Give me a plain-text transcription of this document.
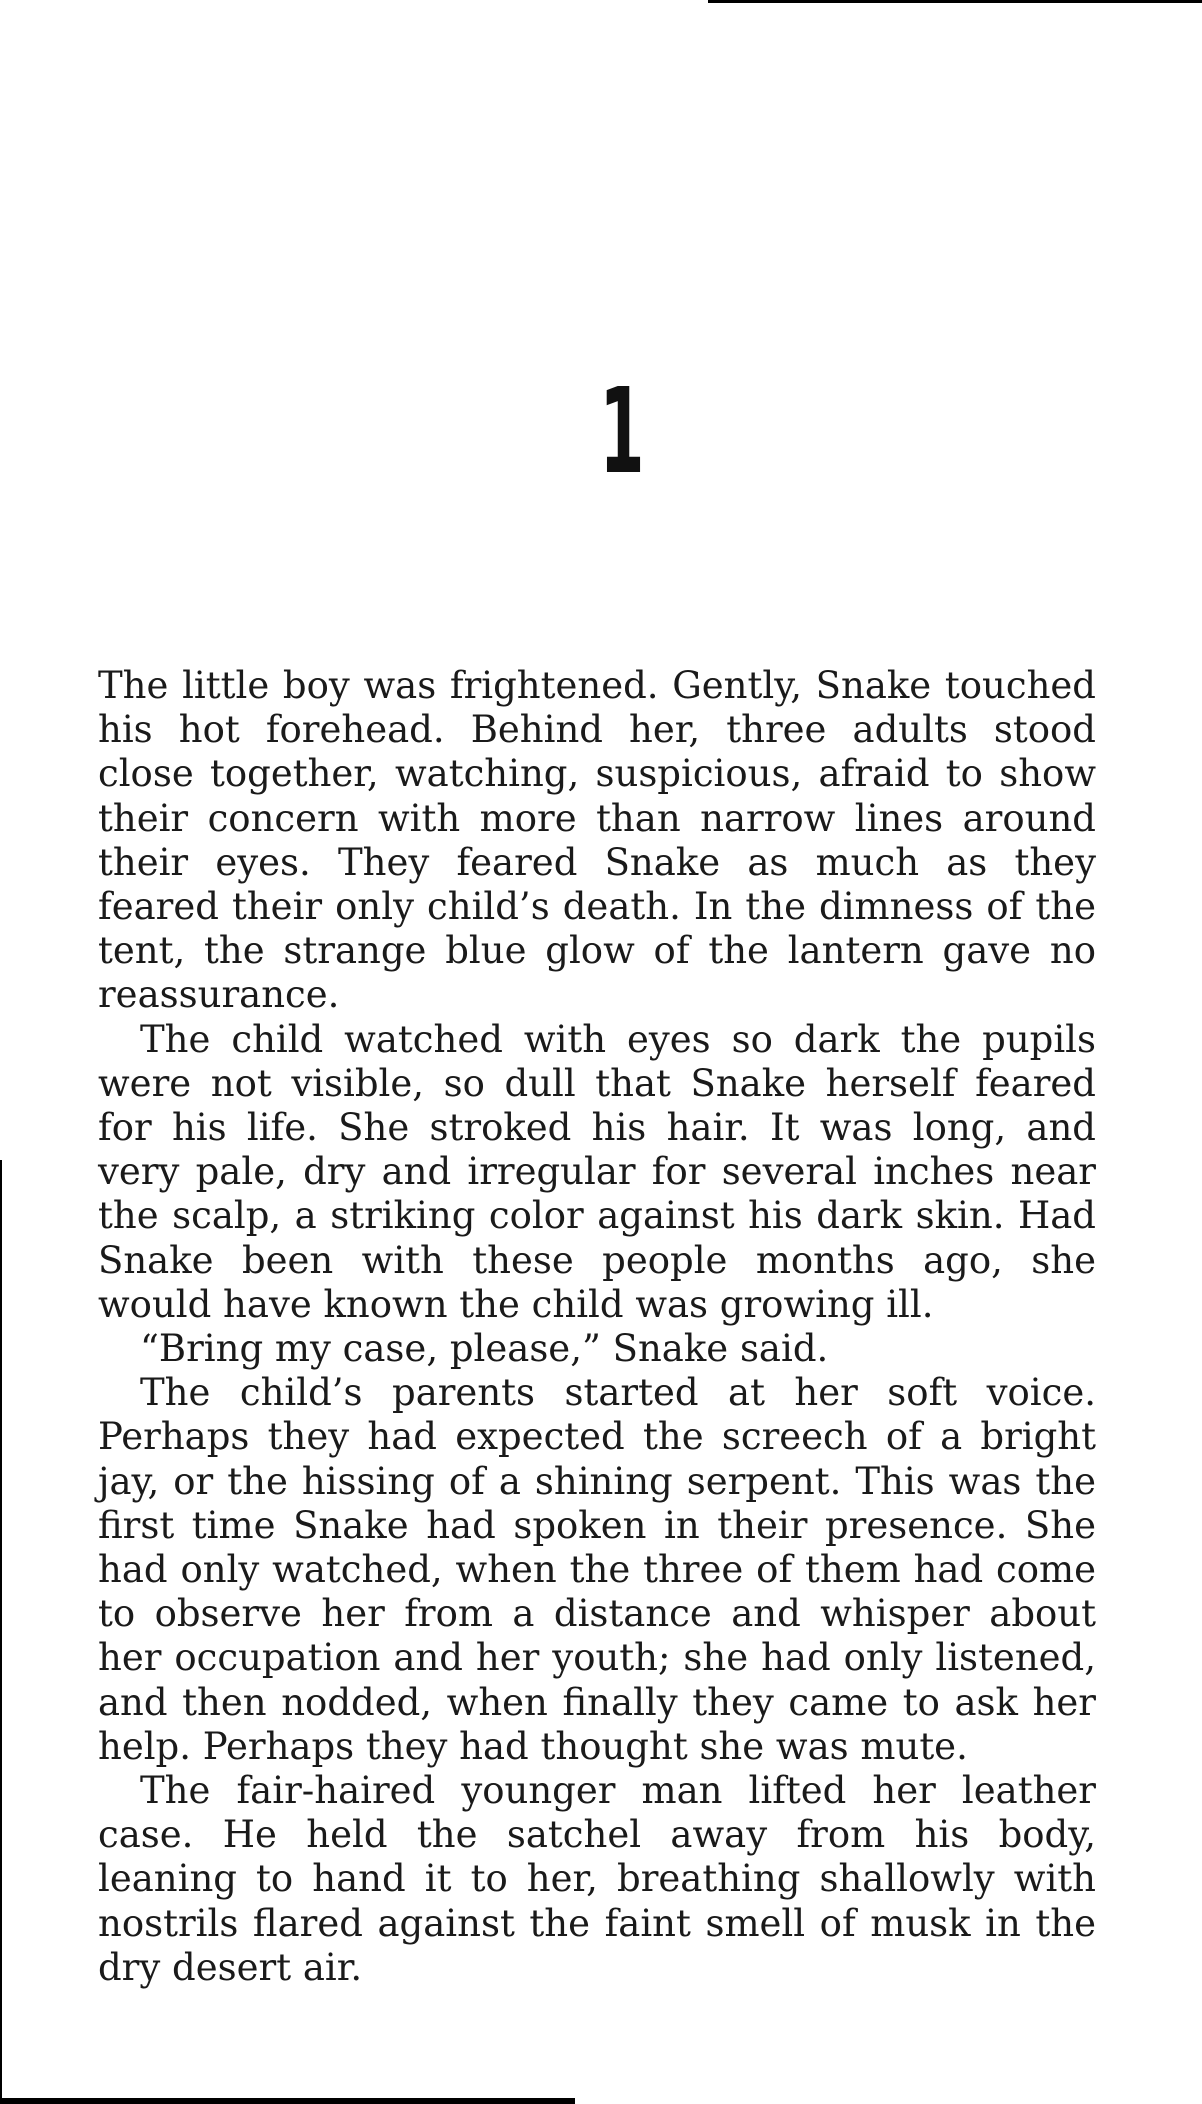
1

The little boy was frightened. Gently, Snake touched his hot forehead. Behind her, three adults stood close together, watching, suspicious, afraid to show their concern with more than narrow lines around their eyes. They feared Snake as much as they feared their only child’s death. In the dimness of the tent, the strange blue glow of the lantern gave no reassurance.

The child watched with eyes so dark the pupils were not visible, so dull that Snake herself feared for his life. She stroked his hair. It was long, and very pale, dry and irregular for several inches near the scalp, a striking color against his dark skin. Had Snake been with these people months ago, she would have known the child was growing ill.

“Bring my case, please,” Snake said.

The child’s parents started at her soft voice. Perhaps they had expected the screech of a bright jay, or the hissing of a shining serpent. This was the first time Snake had spoken in their presence. She had only watched, when the three of them had come to observe her from a distance and whisper about her occupation and her youth; she had only listened, and then nodded, when finally they came to ask her help. Perhaps they had thought she was mute.

The fair-haired younger man lifted her leather case. He held the satchel away from his body, leaning to hand it to her, breathing shallowly with nostrils flared against the faint smell of musk in the dry desert air.
